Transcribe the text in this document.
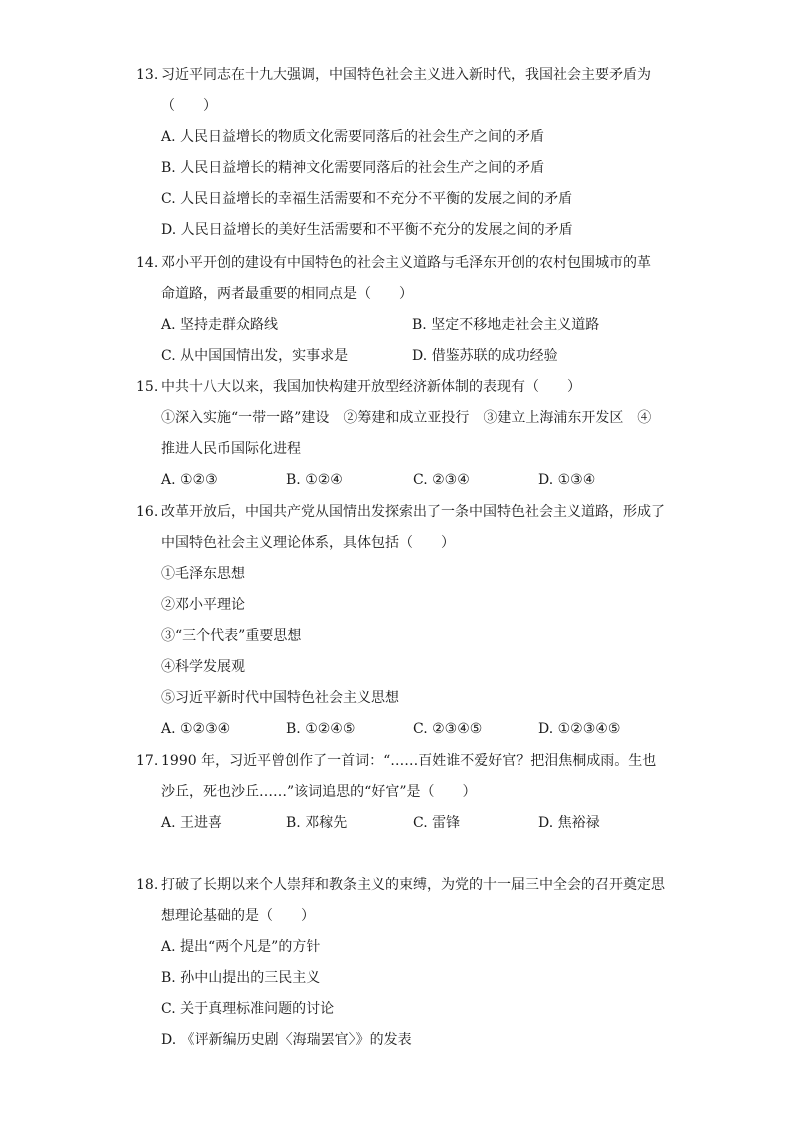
13. 习近平同志在十九大强调，中国特色社会主义进入新时代，我国社会主要矛盾为
（　　）
A. 人民日益增长的物质文化需要同落后的社会生产之间的矛盾
B. 人民日益增长的精神文化需要同落后的社会生产之间的矛盾
C. 人民日益增长的幸福生活需要和不充分不平衡的发展之间的矛盾
D. 人民日益增长的美好生活需要和不平衡不充分的发展之间的矛盾
14. 邓小平开创的建设有中国特色的社会主义道路与毛泽东开创的农村包围城市的革
命道路，两者最重要的相同点是（　　）
A. 坚持走群众路线	B. 坚定不移地走社会主义道路
C. 从中国国情出发，实事求是	D. 借鉴苏联的成功经验
15. 中共十八大以来，我国加快构建开放型经济新体制的表现有（　　）
①深入实施“一带一路”建设　②筹建和成立亚投行　③建立上海浦东开发区　④
推进人民币国际化进程
A. ①②③	B. ①②④	C. ②③④	D. ①③④
16. 改革开放后，中国共产党从国情出发探索出了一条中国特色社会主义道路，形成了
中国特色社会主义理论体系，具体包括（　　）
①毛泽东思想
②邓小平理论
③“三个代表”重要思想
④科学发展观
⑤习近平新时代中国特色社会主义思想
A. ①②③④	B. ①②④⑤	C. ②③④⑤	D. ①②③④⑤
17. 1990 年，习近平曾创作了一首词：“……百姓谁不爱好官？把泪焦桐成雨。生也
沙丘，死也沙丘……”该词追思的“好官”是（　　）
A. 王进喜	B. 邓稼先	C. 雷锋	D. 焦裕禄
18. 打破了长期以来个人崇拜和教条主义的束缚，为党的十一届三中全会的召开奠定思
想理论基础的是（　　）
A. 提出“两个凡是”的方针
B. 孙中山提出的三民主义
C. 关于真理标准问题的讨论
D. 《评新编历史剧〈海瑞罢官〉》的发表
